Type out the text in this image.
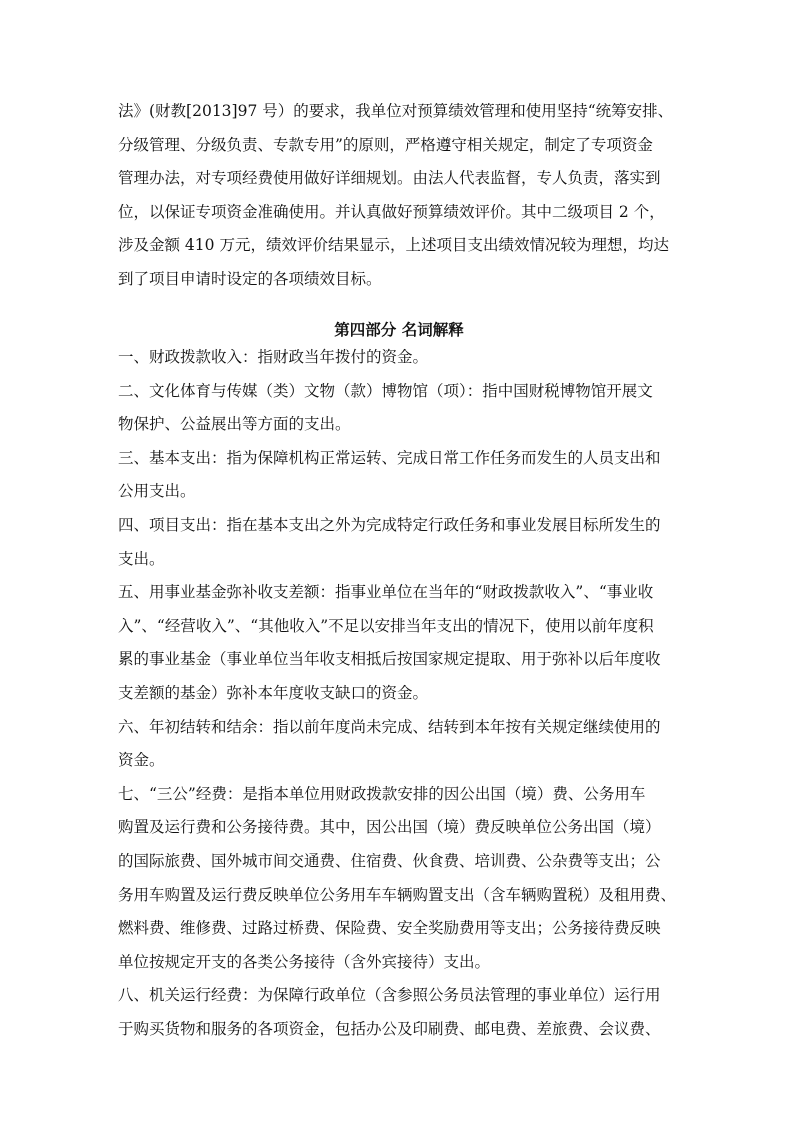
法》(财教[2013]97 号）的要求，我单位对预算绩效管理和使用坚持“统筹安排、
分级管理、分级负责、专款专用”的原则，严格遵守相关规定，制定了专项资金
管理办法，对专项经费使用做好详细规划。由法人代表监督，专人负责，落实到
位，以保证专项资金准确使用。并认真做好预算绩效评价。其中二级项目 2 个，
涉及金额 410 万元，绩效评价结果显示，上述项目支出绩效情况较为理想，均达
到了项目申请时设定的各项绩效目标。
第四部分 名词解释
一、财政拨款收入：指财政当年拨付的资金。
二、文化体育与传媒（类）文物（款）博物馆（项）：指中国财税博物馆开展文
物保护、公益展出等方面的支出。
三、基本支出：指为保障机构正常运转、完成日常工作任务而发生的人员支出和
公用支出。
四、项目支出：指在基本支出之外为完成特定行政任务和事业发展目标所发生的
支出。
五、用事业基金弥补收支差额：指事业单位在当年的“财政拨款收入”、“事业收
入”、“经营收入”、“其他收入”不足以安排当年支出的情况下，使用以前年度积
累的事业基金（事业单位当年收支相抵后按国家规定提取、用于弥补以后年度收
支差额的基金）弥补本年度收支缺口的资金。
六、年初结转和结余：指以前年度尚未完成、结转到本年按有关规定继续使用的
资金。
七、“三公”经费：是指本单位用财政拨款安排的因公出国（境）费、公务用车
购置及运行费和公务接待费。其中，因公出国（境）费反映单位公务出国（境）
的国际旅费、国外城市间交通费、住宿费、伙食费、培训费、公杂费等支出；公
务用车购置及运行费反映单位公务用车车辆购置支出（含车辆购置税）及租用费、
燃料费、维修费、过路过桥费、保险费、安全奖励费用等支出；公务接待费反映
单位按规定开支的各类公务接待（含外宾接待）支出。
八、机关运行经费：为保障行政单位（含参照公务员法管理的事业单位）运行用
于购买货物和服务的各项资金，包括办公及印刷费、邮电费、差旅费、会议费、
